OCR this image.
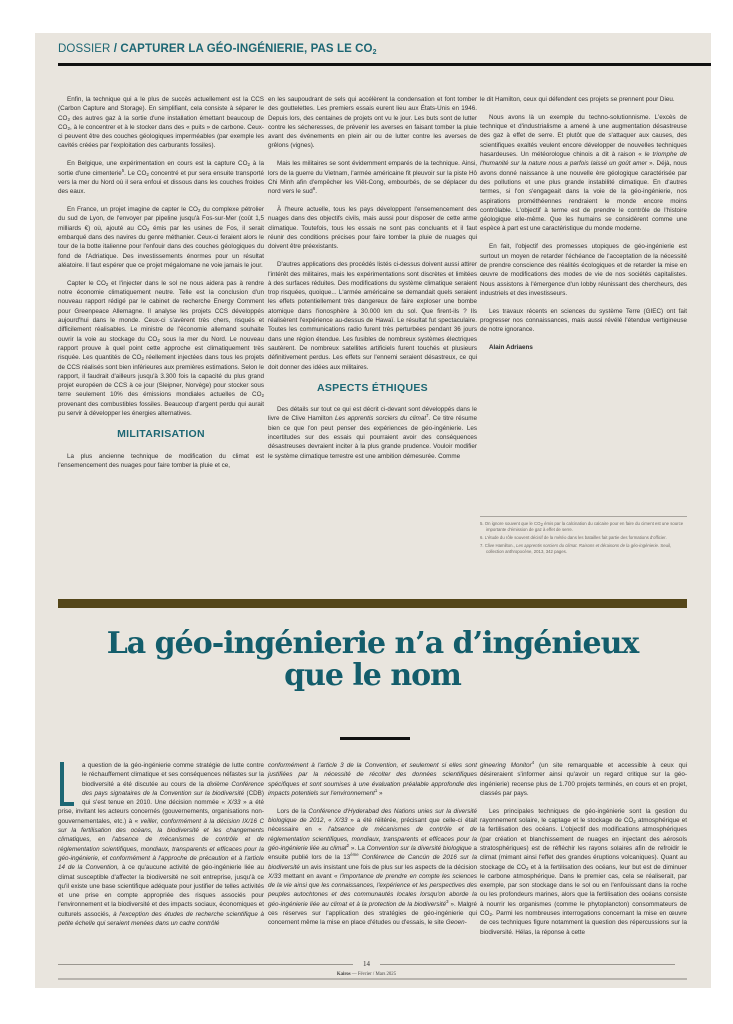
DOSSIER / CAPTURER LA GÉO-INGÉNIERIE, PAS LE $CO_2$

Enfin, la technique qui a le plus de succès actuellement est la CCS (Carbon Capture and Storage). En simplifiant, cela consiste à séparer le $CO_2$ des autres gaz à la sortie d'une installation émettant beaucoup de $CO_2$, à le concentrer et à le stocker dans des « puits » de carbone. Ceux-ci peuvent être des couches géologiques imperméables (par exemple les cavités créées par l'exploitation des carburants fossiles).

En Belgique, une expérimentation en cours est la capture $CO_2$ à la sortie d'une cimenterie$^5$. Le $CO_2$ concentré et pur sera ensuite transporté vers la mer du Nord où il sera enfoui et dissous dans les couches froides des eaux.

En France, un projet imagine de capter le $CO_2$ du complexe pétrolier du sud de Lyon, de l'envoyer par pipeline jusqu'à Fos-sur-Mer (coût 1,5 milliards €) où, ajouté au $CO_2$ émis par les usines de Fos, il serait embarqué dans des navires du genre méthanier. Ceux-ci feraient alors le tour de la botte italienne pour l'enfouir dans des couches géologiques du fond de l'Adriatique. Des investissements énormes pour un résultat aléatoire. Il faut espérer que ce projet mégalomane ne voie jamais le jour.

Capter le $CO_2$ et l'injecter dans le sol ne nous aidera pas à rendre notre économie climatiquement neutre. Telle est la conclusion d'un nouveau rapport rédigé par le cabinet de recherche Energy Comment pour Greenpeace Allemagne. Il analyse les projets CCS développés aujourd'hui dans le monde. Ceux-ci s'avèrent très chers, risqués et difficilement réalisables. Le ministre de l'économie allemand souhaite ouvrir la voie au stockage du $CO_2$ sous la mer du Nord. Le nouveau rapport prouve à quel point cette approche est climatiquement très risquée. Les quantités de $CO_2$ réellement injectées dans tous les projets de CCS réalisés sont bien inférieures aux premières estimations. Selon le rapport, il faudrait d'ailleurs jusqu'à 3.300 fois la capacité du plus grand projet européen de CCS à ce jour (Sleipner, Norvège) pour stocker sous terre seulement 10% des émissions mondiales actuelles de $CO_2$ provenant des combustibles fossiles. Beaucoup d'argent perdu qui aurait pu servir à développer les énergies alternatives.

MILITARISATION

La plus ancienne technique de modification du climat est l'ensemencement des nuages pour faire tomber la pluie et ce,

en les saupoudrant de sels qui accélèrent la condensation et font tomber des gouttelettes. Les premiers essais eurent lieu aux États-Unis en 1946. Depuis lors, des centaines de projets ont vu le jour. Les buts sont de lutter contre les sécheresses, de prévenir les averses en faisant tomber la pluie avant des événements en plein air ou de lutter contre les averses de grêlons (vignes).

Mais les militaires se sont évidemment emparés de la technique. Ainsi, lors de la guerre du Vietnam, l'armée américaine fit pleuvoir sur la piste Hô Chi Minh afin d'empêcher les Viêt-Cong, embourbés, de se déplacer du nord vers le sud$^6$.

À l'heure actuelle, tous les pays développent l'ensemencement des nuages dans des objectifs civils, mais aussi pour disposer de cette arme climatique. Toutefois, tous les essais ne sont pas concluants et il faut réunir des conditions précises pour faire tomber la pluie de nuages qui doivent être préexistants.

D'autres applications des procédés listés ci-dessus doivent aussi attirer l'intérêt des militaires, mais les expérimentations sont discrètes et limitées à des surfaces réduites. Des modifications du système climatique seraient trop risquées, quoique... L'armée américaine se demandait quels seraient les effets potentiellement très dangereux de faire exploser une bombe atomique dans l'ionosphère à 30.000 km du sol. Que firent-ils ? Ils réalisèrent l'expérience au-dessus de Hawaï. Le résultat fut spectaculaire. Toutes les communications radio furent très perturbées pendant 36 jours dans une région étendue. Les fusibles de nombreux systèmes électriques sautèrent. De nombreux satellites artificiels furent touchés et plusieurs définitivement perdus. Les effets sur l'ennemi seraient désastreux, ce qui doit donner des idées aux militaires.

ASPECTS ÉTHIQUES

Des détails sur tout ce qui est décrit ci-devant sont développés dans le livre de Clive Hamilton Les apprentis sorciers du climat$^7$. Ce titre résume bien ce que l'on peut penser des expériences de géo-ingénierie. Les incertitudes sur des essais qui pourraient avoir des conséquences désastreuses devraient inciter à la plus grande prudence. Vouloir modifier le système climatique terrestre est une ambition démesurée. Comme

le dit Hamilton, ceux qui défendent ces projets se prennent pour Dieu.

Nous avons là un exemple du techno-solutionnisme. L'excès de technique et d'industrialisme a amené à une augmentation désastreuse des gaz à effet de serre. Et plutôt que de s'attaquer aux causes, des scientifiques exaltés veulent encore développer de nouvelles techniques hasardeuses. Un météorologue chinois a dit à raison « le triomphe de l'humanité sur la nature nous a parfois laissé un goût amer ». Déjà, nous avons donné naissance à une nouvelle ère géologique caractérisée par des pollutions et une plus grande instabilité climatique. En d'autres termes, si l'on s'engageait dans la voie de la géo-ingénierie, nos aspirations prométhéennes rendraient le monde encore moins contrôlable. L'objectif à terme est de prendre le contrôle de l'histoire géologique elle-même. Que les humains se considèrent comme une espèce à part est une caractéristique du monde moderne.

En fait, l'objectif des promesses utopiques de géo-ingénierie est surtout un moyen de retarder l'échéance de l'acceptation de la nécessité de prendre conscience des réalités écologiques et de retarder la mise en œuvre de modifications des modes de vie de nos sociétés capitalistes. Nous assistons à l'émergence d'un lobby réunissant des chercheurs, des industriels et des investisseurs.

Les travaux récents en sciences du système Terre (GIEC) ont fait progresser nos connaissances, mais aussi révélé l'étendue vertigineuse de notre ignorance.

Alain Adriaens

5. On ignore souvent que le $CO_2$ émis par la calcination du calcaire pour en faire du ciment est une source importante d'émission de gaz à effet de serre.
6. L'étude du rôle souvent décisif de la météo dans les batailles fait partie des formations d'officier.
7. Clive Hamilton., Les apprentis sorciers du climat. Raisons et déraisons de la géo-ingénierie. Seuil, collection anthropocène, 2013, 342 pages.
La géo-ingénierie n’a d’ingénieux
que le nom

a question de la géo-ingénierie comme stratégie de lutte contre le réchauffement climatique et ses conséquences néfastes sur la biodiversité a été discutée au cours de la dixième Conférence des pays signataires de la Convention sur la biodiversité (CDB) qui s'est tenue en 2010. Une décision nommée « X/33 » a été prise, invitant les acteurs concernés (gouvernements, organisations non-gouvernementales, etc.) à « veiller, conformément à la décision IX/16 C sur la fertilisation des océans, la biodiversité et les changements climatiques, en l'absence de mécanismes de contrôle et de réglementation scientifiques, mondiaux, transparents et efficaces pour la géo-ingénierie, et conformément à l'approche de précaution et à l'article 14 de la Convention, à ce qu'aucune activité de géo-ingénierie liée au climat susceptible d'affecter la biodiversité ne soit entreprise, jusqu'à ce qu'il existe une base scientifique adéquate pour justifier de telles activités et une prise en compte appropriée des risques associés pour l'environnement et la biodiversité et des impacts sociaux, économiques et culturels associés, à l'exception des études de recherche scientifique à petite échelle qui seraient menées dans un cadre contrôlé

conformément à l'article 3 de la Convention, et seulement si elles sont justifiées par la nécessité de récolter des données scientifiques spécifiques et sont soumises à une évaluation préalable approfondie des impacts potentiels sur l'environnement$^1$ »

Lors de la Conférence d'Hyderabad des Nations unies sur la diversité biologique de 2012, « X/33 » a été réitérée, précisant que celle-ci était nécessaire en « l'absence de mécanismes de contrôle et de réglementation scientifiques, mondiaux, transparents et efficaces pour la géo-ingénierie liée au climat$^2$ ». La Convention sur la diversité biologique a ensuite publié lors de la 13ème Conférence de Cancún de 2016 sur la biodiversité un avis insistant une fois de plus sur les aspects de la décision X/33 mettant en avant « l'importance de prendre en compte les sciences de la vie ainsi que les connaissances, l'expérience et les perspectives des peuples autochtones et des communautés locales lorsqu'on aborde la géo-ingénierie liée au climat et à la protection de la biodiversité$^3$ ». Malgré ces réserves sur l'application des stratégies de géo-ingénierie qui concernent même la mise en place d'études ou d'essais, le site Geoen-

gineering Monitor$^4$ (un site remarquable et accessible à ceux qui désireraient s'informer ainsi qu'avoir un regard critique sur la géo-ingénierie) recense plus de 1.700 projets terminés, en cours et en projet, classés par pays.

Les principales techniques de géo-ingénierie sont la gestion du rayonnement solaire, le captage et le stockage de $CO_2$ atmosphérique et la fertilisation des océans. L'objectif des modifications atmosphériques (par création et blanchissement de nuages en injectant des aérosols stratosphériques) est de réfléchir les rayons solaires afin de refroidir le climat (mimant ainsi l'effet des grandes éruptions volcaniques). Quant au stockage de $CO_2$ et à la fertilisation des océans, leur but est de diminuer le carbone atmosphérique. Dans le premier cas, cela se réaliserait, par exemple, par son stockage dans le sol ou en l'enfouissant dans la roche ou les profondeurs marines, alors que la fertilisation des océans consiste à nourrir les organismes (comme le phytoplancton) consommateurs de $CO_2$. Parmi les nombreuses interrogations concernant la mise en œuvre de ces techniques figure notamment la question des répercussions sur la biodiversité. Hélas, la réponse à cette

14
Kairos — Février / Mars 2025
